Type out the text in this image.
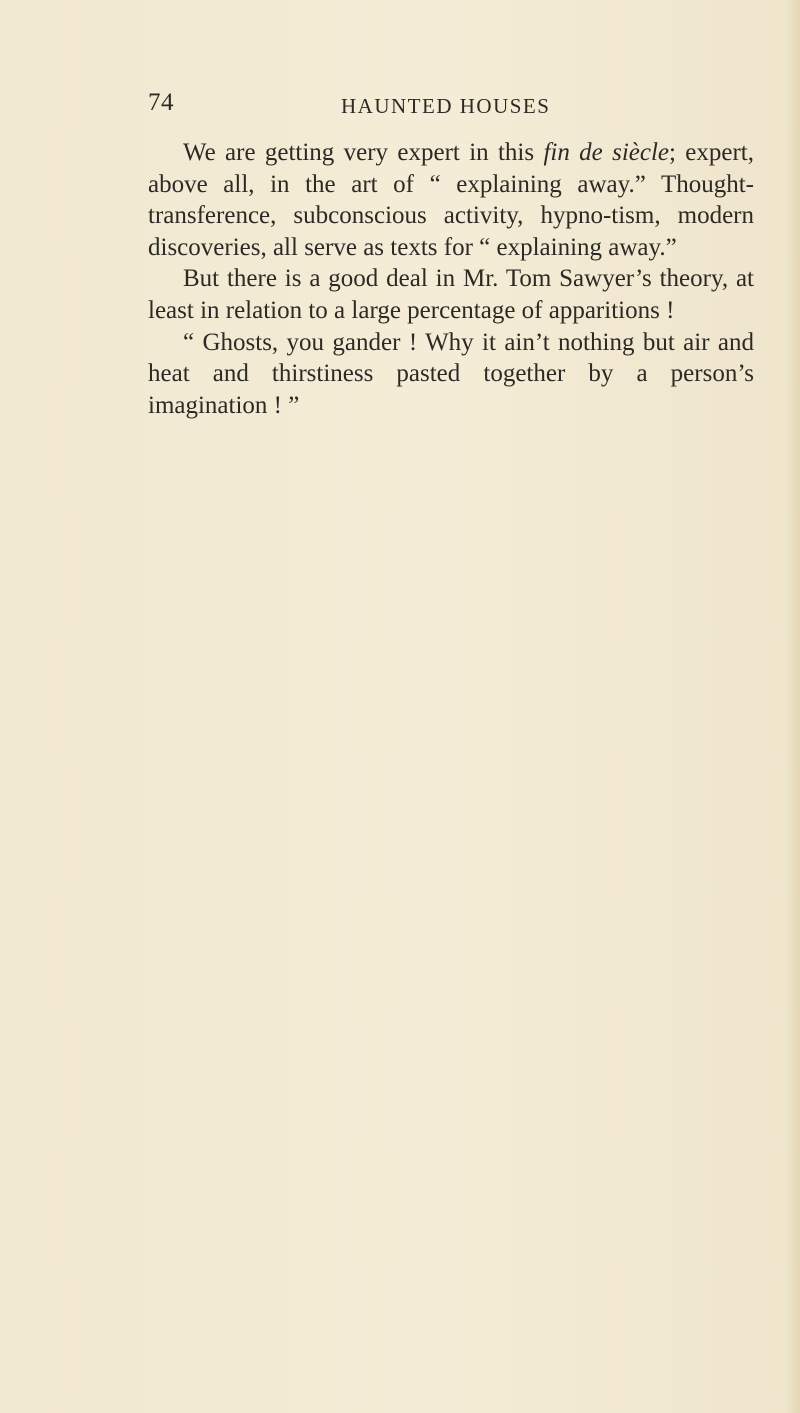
74	HAUNTED HOUSES

We are getting very expert in this fin de siècle; expert, above all, in the art of “ explaining away.” Thought-transference, subconscious activity, hypno-tism, modern discoveries, all serve as texts for “ explaining away.”

But there is a good deal in Mr. Tom Sawyer’s theory, at least in relation to a large percentage of apparitions !

“ Ghosts, you gander ! Why it ain’t nothing but air and heat and thirstiness pasted together by a person’s imagination ! ”
